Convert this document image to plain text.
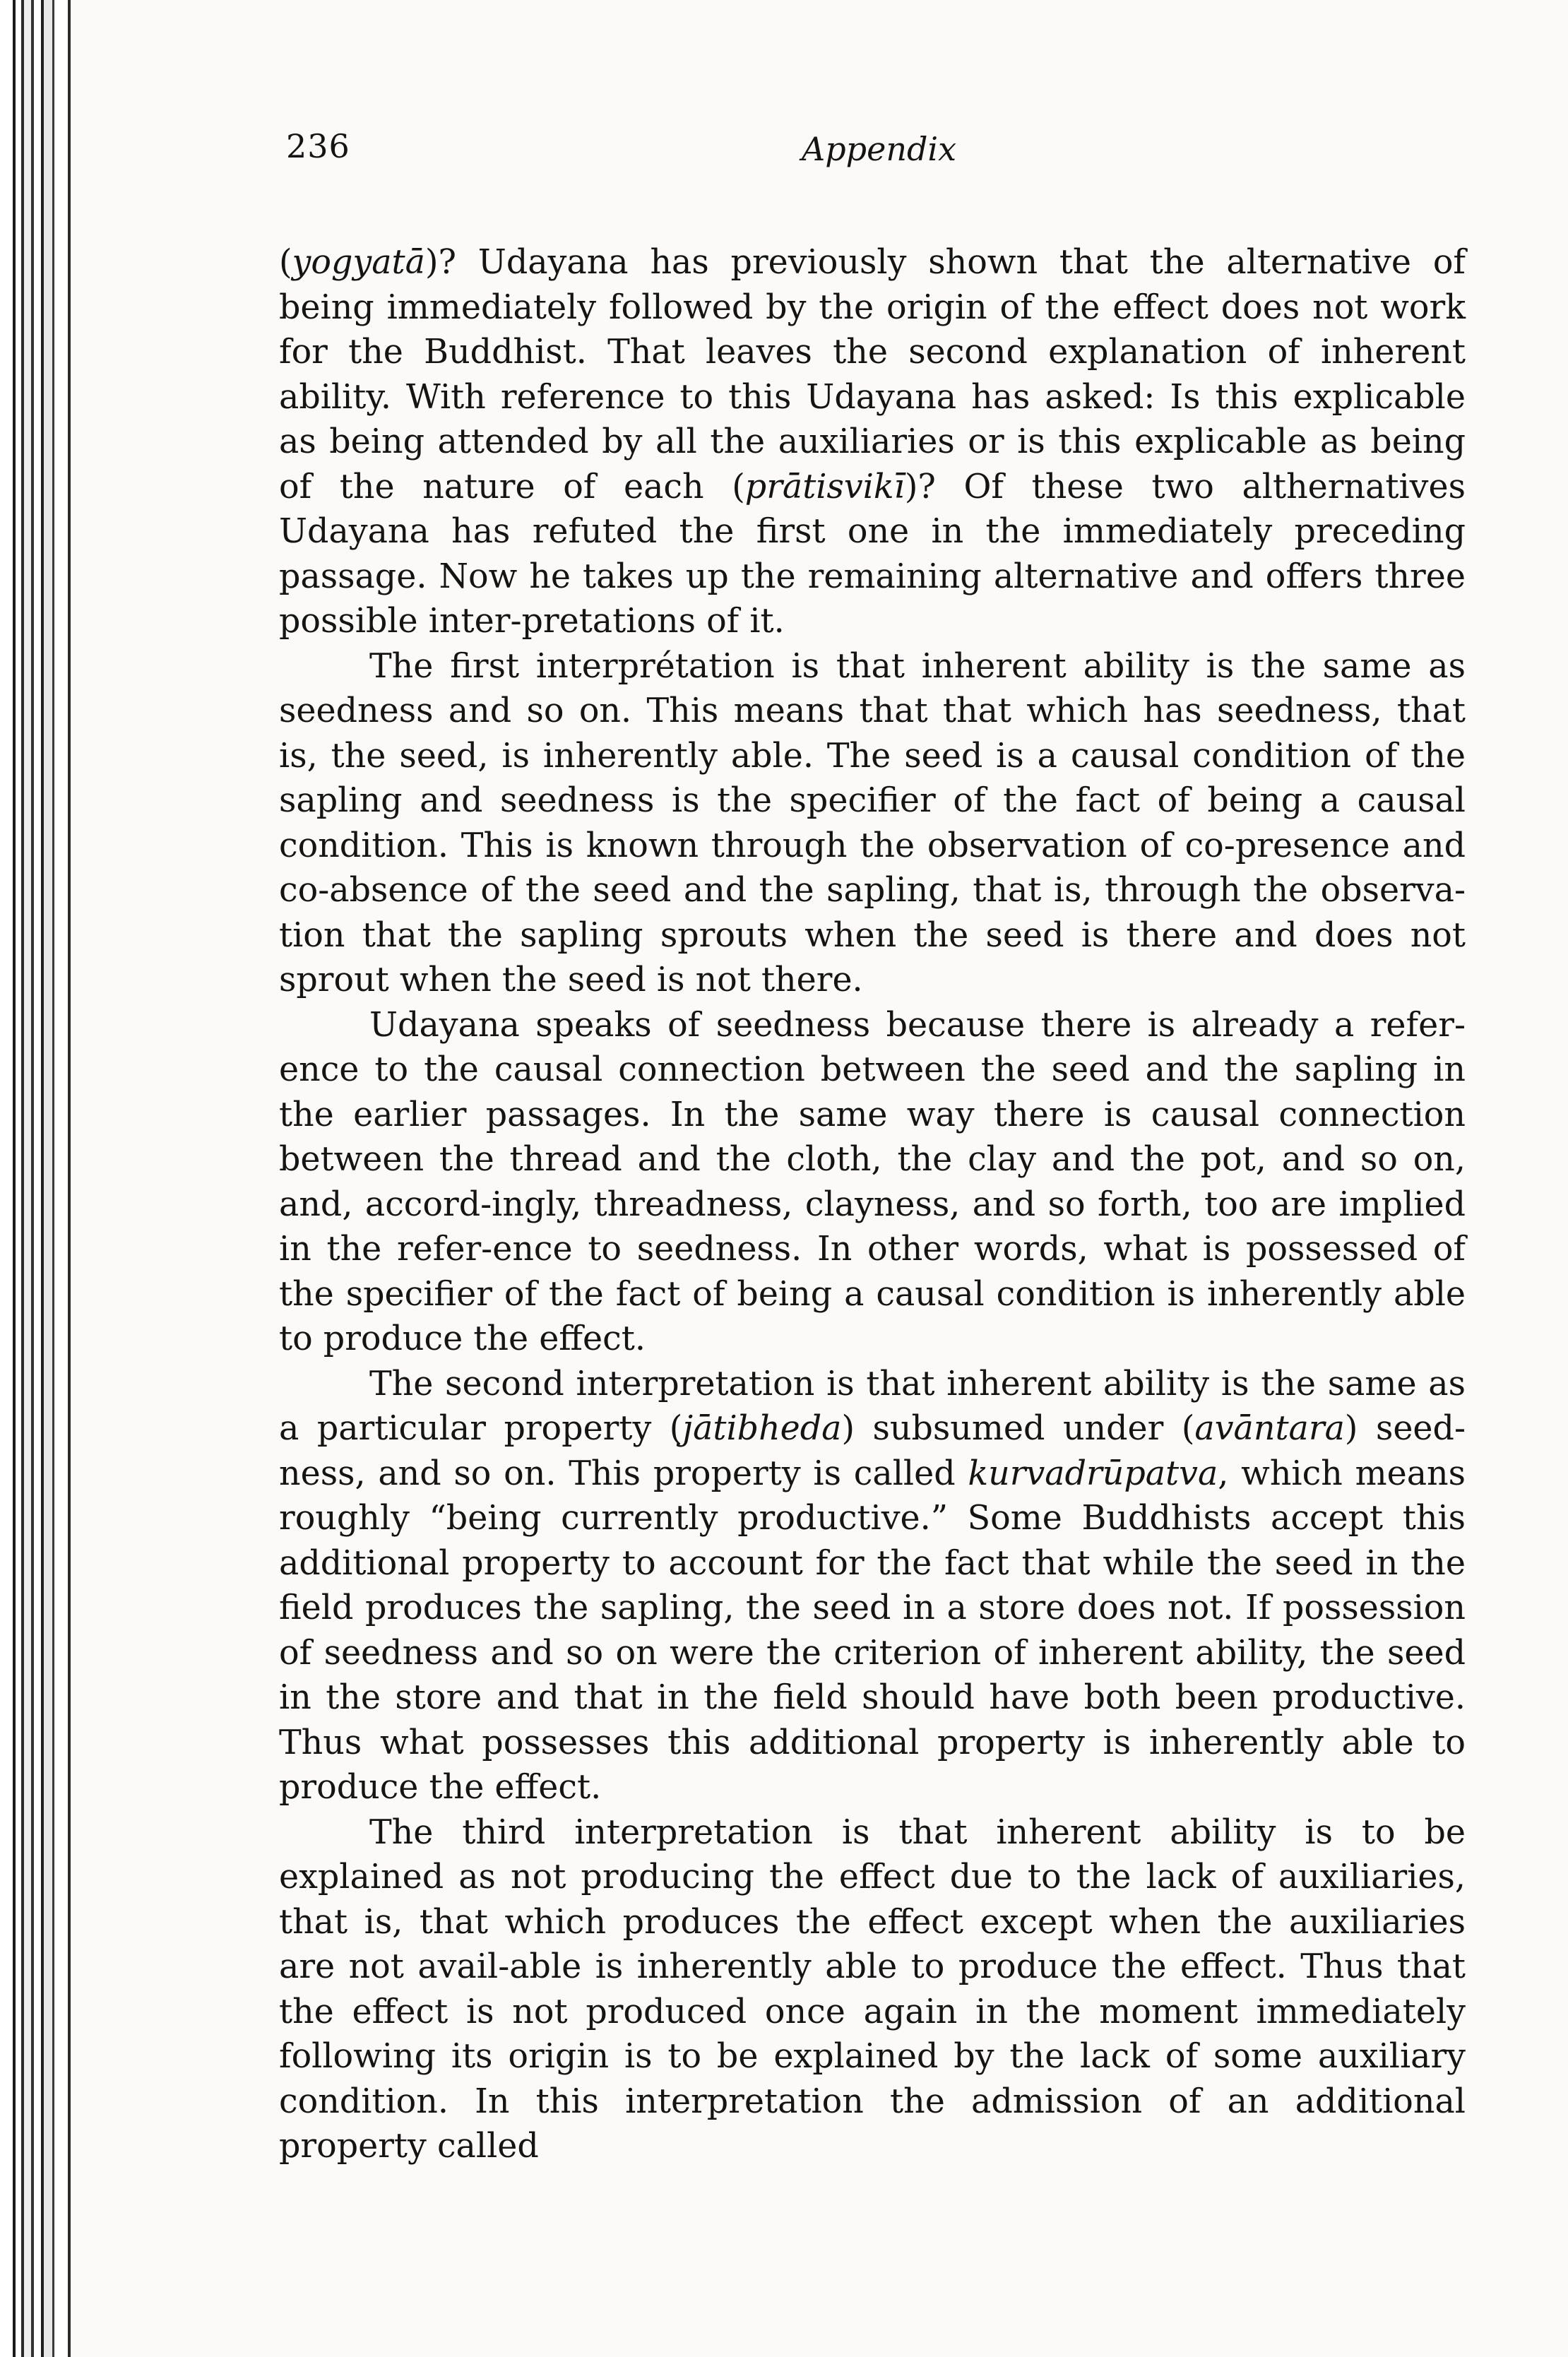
236	Appendix

(yogyatā)? Udayana has previously shown that the alternative of being immediately followed by the origin of the effect does not work for the Buddhist. That leaves the second explanation of inherent ability. With reference to this Udayana has asked: Is this explicable as being attended by all the auxiliaries or is this explicable as being of the nature of each (prātisvikī)? Of these two althernatives Udayana has refuted the first one in the immediately preceding passage. Now he takes up the remaining alternative and offers three possible inter-pretations of it.

The first interprétation is that inherent ability is the same as seedness and so on. This means that that which has seedness, that is, the seed, is inherently able. The seed is a causal condition of the sapling and seedness is the specifier of the fact of being a causal condition. This is known through the observation of co-presence and co-absence of the seed and the sapling, that is, through the observa-tion that the sapling sprouts when the seed is there and does not sprout when the seed is not there.

Udayana speaks of seedness because there is already a refer-ence to the causal connection between the seed and the sapling in the earlier passages. In the same way there is causal connection between the thread and the cloth, the clay and the pot, and so on, and, accord-ingly, threadness, clayness, and so forth, too are implied in the refer-ence to seedness. In other words, what is possessed of the specifier of the fact of being a causal condition is inherently able to produce the effect.

The second interpretation is that inherent ability is the same as a particular property (jātibheda) subsumed under (avāntara) seed-ness, and so on. This property is called kurvadrūpatva, which means roughly “being currently productive.” Some Buddhists accept this additional property to account for the fact that while the seed in the field produces the sapling, the seed in a store does not. If possession of seedness and so on were the criterion of inherent ability, the seed in the store and that in the field should have both been productive. Thus what possesses this additional property is inherently able to produce the effect.

The third interpretation is that inherent ability is to be explained as not producing the effect due to the lack of auxiliaries, that is, that which produces the effect except when the auxiliaries are not avail-able is inherently able to produce the effect. Thus that the effect is not produced once again in the moment immediately following its origin is to be explained by the lack of some auxiliary condition. In this interpretation the admission of an additional property called
